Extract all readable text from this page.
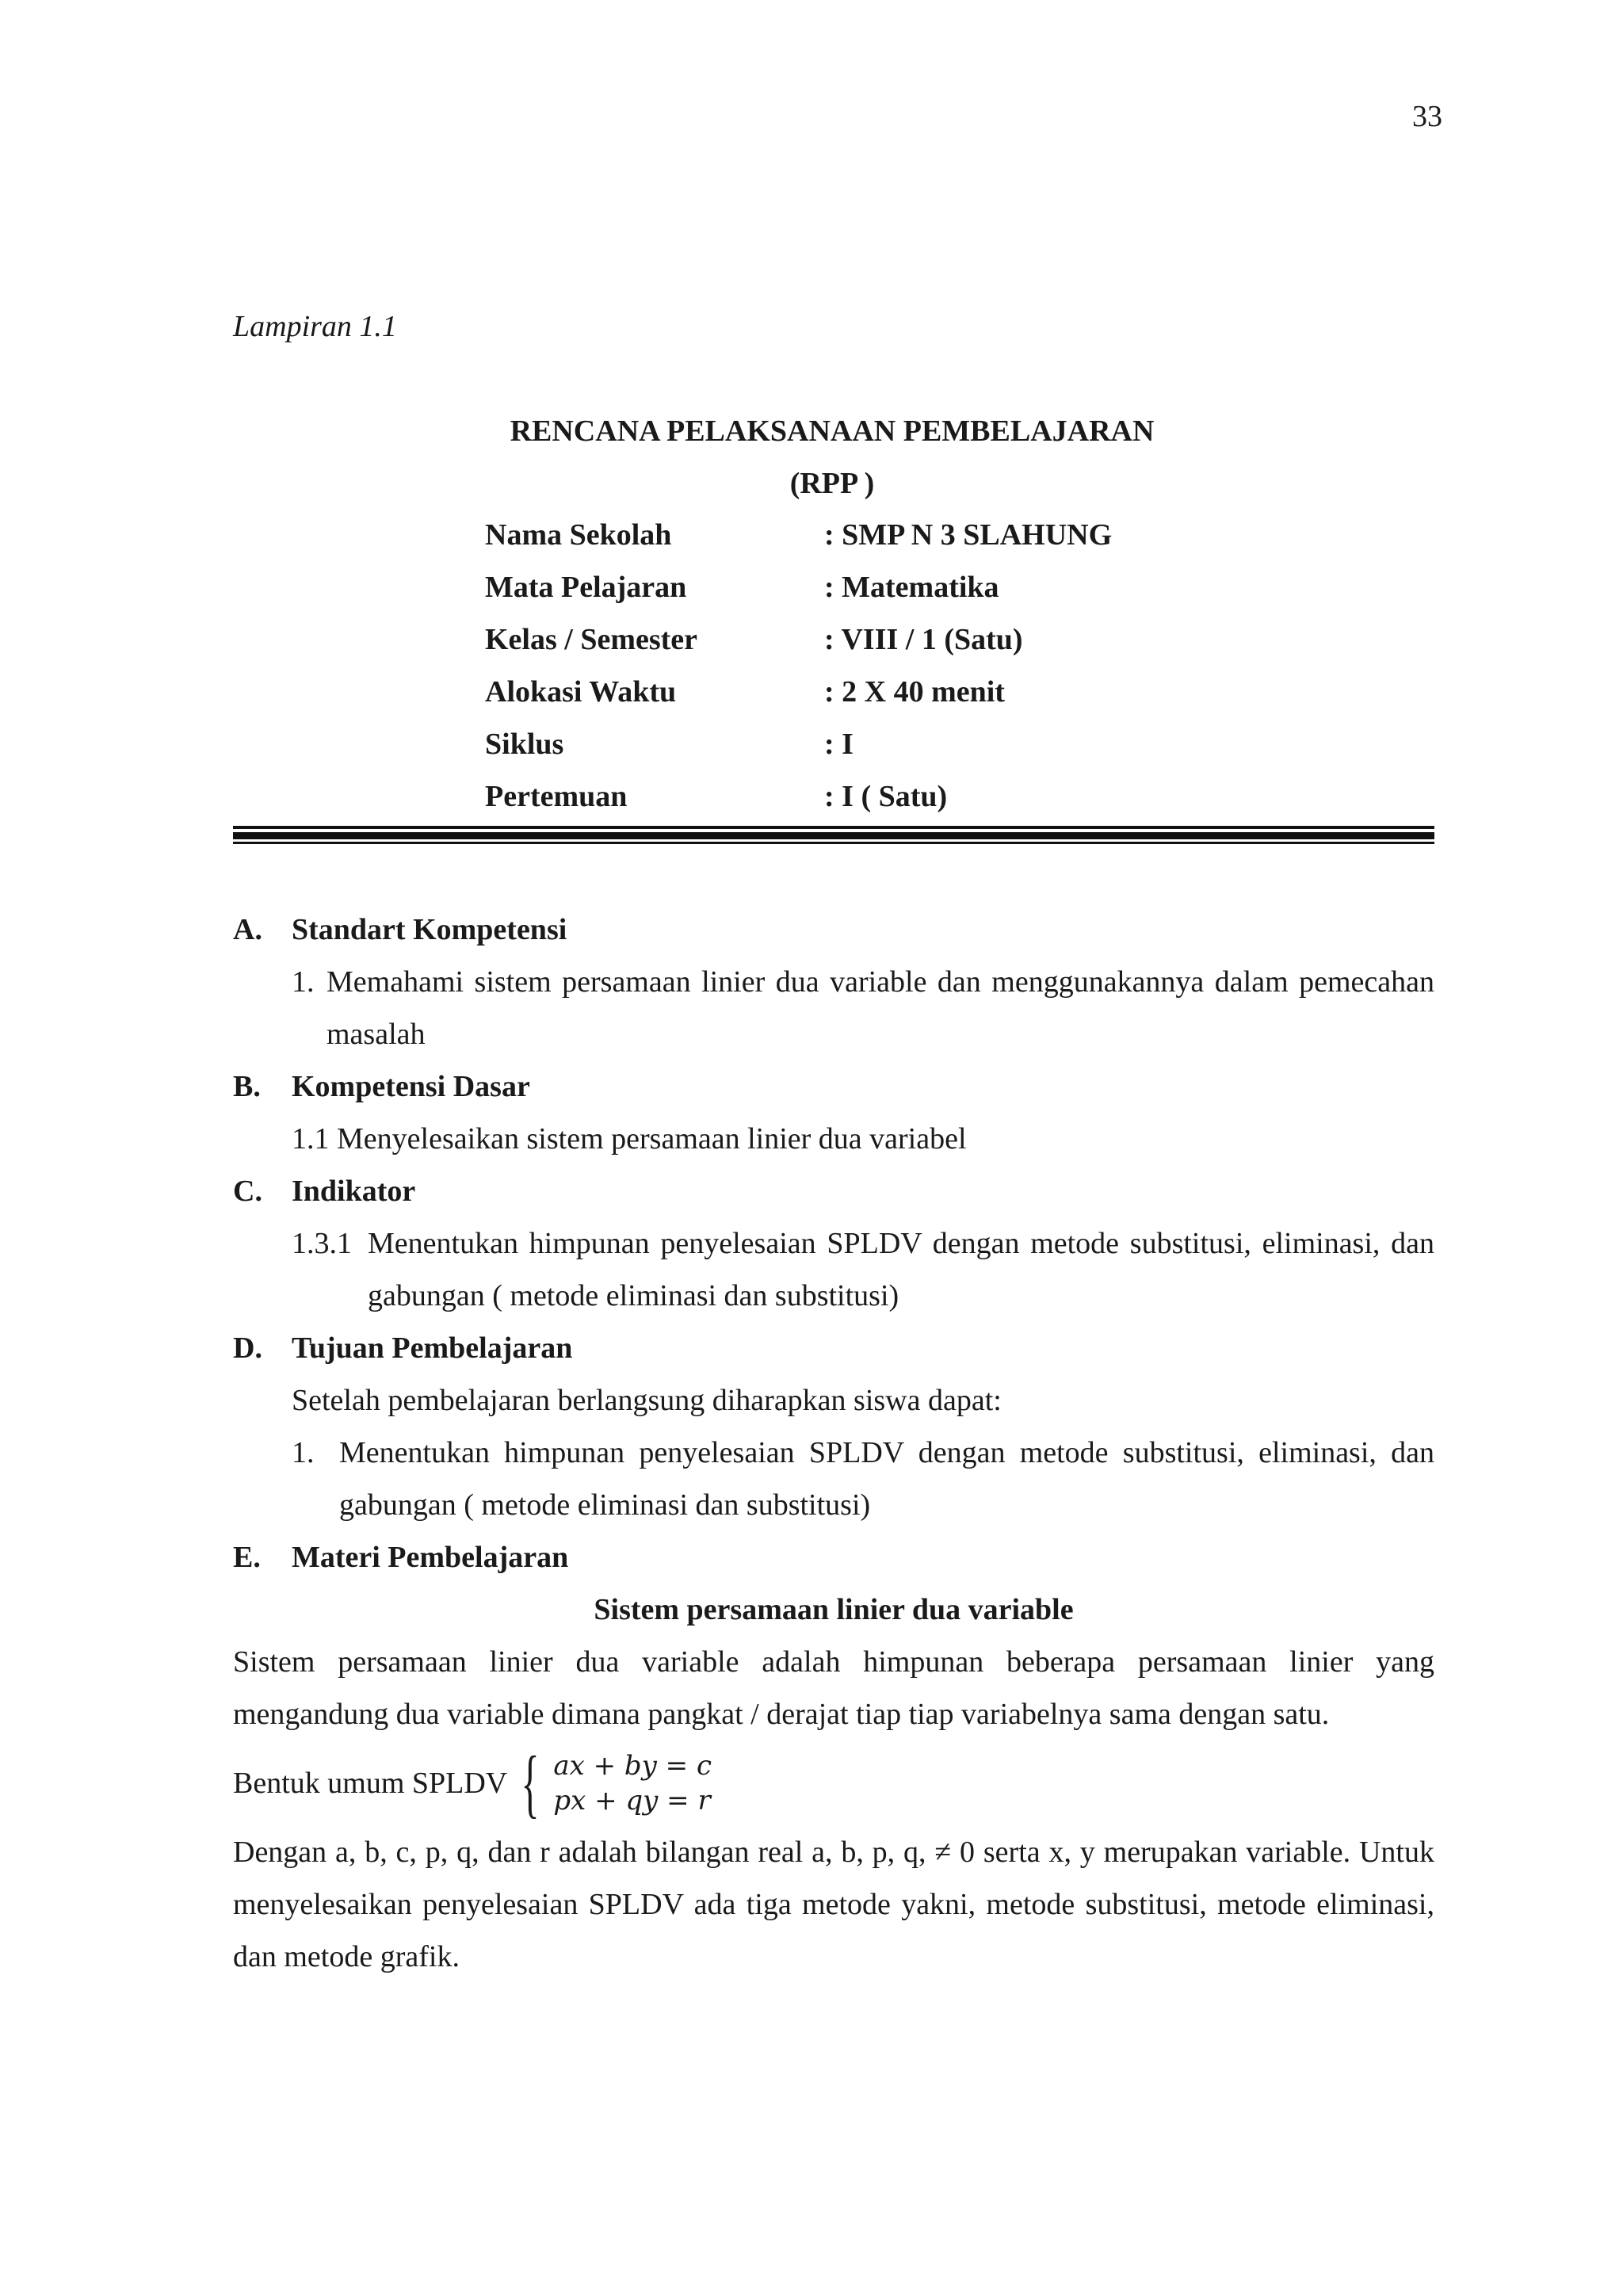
33
Lampiran 1.1
RENCANA PELAKSANAAN PEMBELAJARAN
(RPP )
Nama Sekolah	: SMP N 3 SLAHUNG
Mata Pelajaran	: Matematika
Kelas / Semester	: VIII / 1 (Satu)
Alokasi Waktu	: 2 X 40 menit
Siklus	: I
Pertemuan	: I ( Satu)
A. Standart Kompetensi
1. Memahami sistem persamaan linier dua variable dan menggunakannya dalam pemecahan masalah
B.	Kompetensi Dasar
1.1 Menyelesaikan sistem persamaan linier dua variabel
C. Indikator
1.3.1 Menentukan himpunan penyelesaian SPLDV dengan metode substitusi, eliminasi, dan gabungan ( metode eliminasi dan substitusi)
D. Tujuan Pembelajaran
Setelah pembelajaran berlangsung diharapkan siswa dapat:
1. Menentukan himpunan penyelesaian SPLDV dengan metode substitusi, eliminasi, dan gabungan ( metode eliminasi dan substitusi)
E.	Materi Pembelajaran
Sistem persamaan linier dua variable
Sistem persamaan linier dua variable adalah himpunan beberapa persamaan linier yang mengandung dua variable dimana pangkat / derajat tiap tiap variabelnya sama dengan satu.
Bentuk umum SPLDV { ax + by = c
px + qy = r
Dengan a, b, c, p, q, dan r adalah bilangan real a, b, p, q, ≠ 0 serta x, y merupakan variable. Untuk menyelesaikan penyelesaian SPLDV ada tiga metode yakni, metode substitusi, metode eliminasi, dan metode grafik.
